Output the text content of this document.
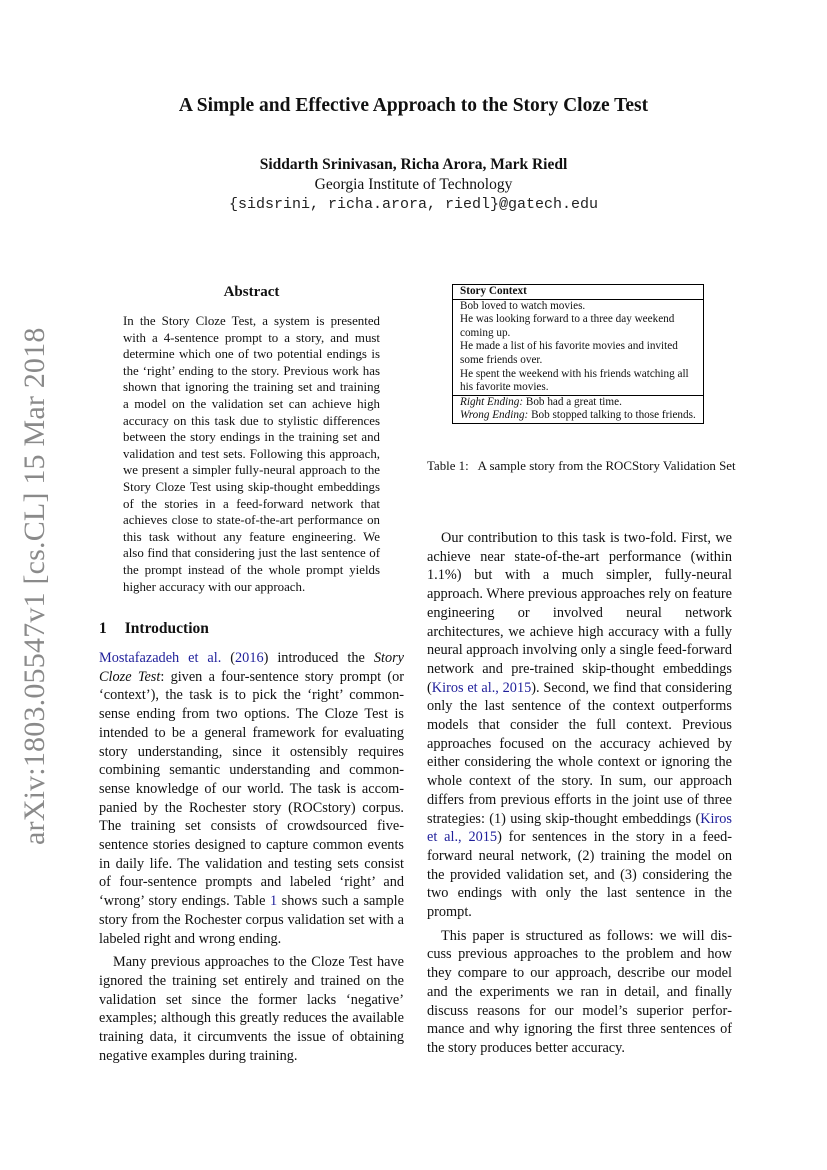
A Simple and Effective Approach to the Story Cloze Test
Siddarth Srinivasan, Richa Arora, Mark Riedl
Georgia Institute of Technology
{sidsrini, richa.arora, riedl}@gatech.edu
arXiv:1803.05547v1 [cs.CL] 15 Mar 2018
Abstract
In the Story Cloze Test, a system is presented with a 4-sentence prompt to a story, and must determine which one of two potential endings is the ‘right’ ending to the story. Previous work has shown that ignoring the training set and training a model on the validation set can achieve high accuracy on this task due to stylistic differences between the story endings in the training set and validation and test sets. Following this approach, we present a simpler fully-neural approach to the Story Cloze Test using skip-thought embeddings of the stories in a feed-forward network that achieves close to state-of-the-art performance on this task without any feature engineering. We also find that considering just the last sentence of the prompt instead of the whole prompt yields higher accuracy with our approach.
1 Introduction

Mostafazadeh et al. (2016) introduced the Story Cloze Test: given a four-sentence story prompt (or ‘context’), the task is to pick the ‘right’ commonsense ending from two options. The Cloze Test is intended to be a general framework for evaluating story understanding, since it ostensibly requires combining semantic understanding and commonsense knowledge of our world. The task is accompanied by the Rochester story (ROCstory) corpus. The training set consists of crowdsourced five-sentence stories designed to capture common events in daily life. The validation and testing sets consist of four-sentence prompts and labeled ‘right’ and ‘wrong’ story endings. Table 1 shows such a sample story from the Rochester corpus validation set with a labeled right and wrong ending.

Many previous approaches to the Cloze Test have ignored the training set entirely and trained on the validation set since the former lacks ‘negative’ examples; although this greatly reduces the available training data, it circumvents the issue of obtaining negative examples during training.

Story Context
Bob loved to watch movies.
He was looking forward to a three day weekend coming up.
He made a list of his favorite movies and invited some friends over.
He spent the weekend with his friends watching all his favorite movies.

Right Ending: Bob had a great time.
Wrong Ending: Bob stopped talking to those friends.
Table 1:  A sample story from the ROCStory Validation Set

Our contribution to this task is two-fold. First, we achieve near state-of-the-art performance (within 1.1%) but with a much simpler, fully-neural approach. Where previous approaches rely on feature engineering or involved neural network architectures, we achieve high accuracy with a fully neural approach involving only a single feed-forward network and pre-trained skip-thought embeddings (Kiros et al., 2015). Second, we find that considering only the last sentence of the context outperforms models that consider the full context. Previous approaches focused on the accuracy achieved by either considering the whole context or ignoring the whole context of the story. In sum, our approach differs from previous efforts in the joint use of three strategies: (1) using skip-thought embeddings (Kiros et al., 2015) for sentences in the story in a feed-forward neural network, (2) training the model on the provided validation set, and (3) considering the two endings with only the last sentence in the prompt.

This paper is structured as follows: we will discuss previous approaches to the problem and how they compare to our approach, describe our model and the experiments we ran in detail, and finally discuss reasons for our model’s superior performance and why ignoring the first three sentences of the story produces better accuracy.
